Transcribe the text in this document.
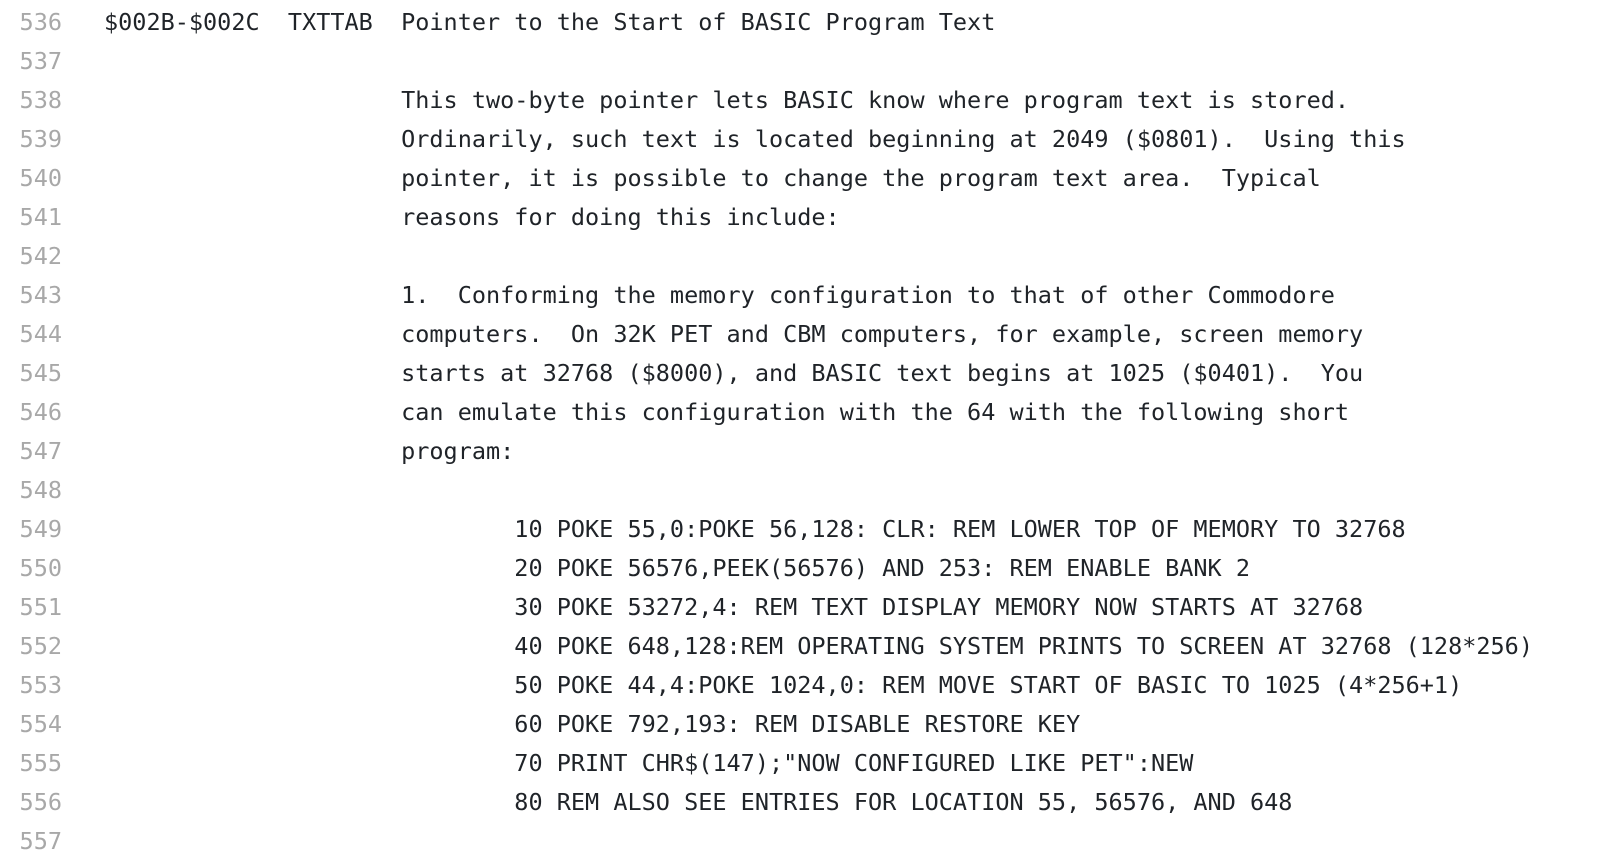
536 $002B-$002C  TXTTAB  Pointer to the Start of BASIC Program Text
537
538 This two-byte pointer lets BASIC know where program text is stored.
539 Ordinarily, such text is located beginning at 2049 ($0801).  Using this
540 pointer, it is possible to change the program text area.  Typical
541 reasons for doing this include:
542
543 1.  Conforming the memory configuration to that of other Commodore
544 computers.  On 32K PET and CBM computers, for example, screen memory
545 starts at 32768 ($8000), and BASIC text begins at 1025 ($0401).  You
546 can emulate this configuration with the 64 with the following short
547 program:
548
549 10 POKE 55,0:POKE 56,128: CLR: REM LOWER TOP OF MEMORY TO 32768
550 20 POKE 56576,PEEK(56576) AND 253: REM ENABLE BANK 2
551 30 POKE 53272,4: REM TEXT DISPLAY MEMORY NOW STARTS AT 32768
552 40 POKE 648,128:REM OPERATING SYSTEM PRINTS TO SCREEN AT 32768 (128*256)
553 50 POKE 44,4:POKE 1024,0: REM MOVE START OF BASIC TO 1025 (4*256+1)
554 60 POKE 792,193: REM DISABLE RESTORE KEY
555 70 PRINT CHR$(147);"NOW CONFIGURED LIKE PET":NEW
556 80 REM ALSO SEE ENTRIES FOR LOCATION 55, 56576, AND 648
557
